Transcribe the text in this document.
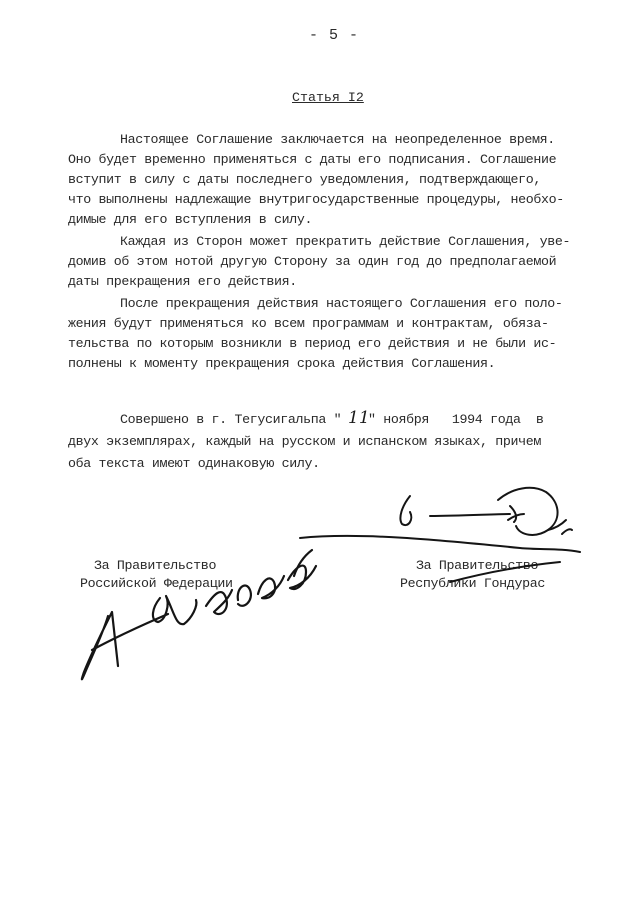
- 5 -
Статья I2
Настоящее Соглашение заключается на неопределенное время.
Оно будет временно применяться с даты его подписания. Соглашение
вступит в силу с даты последнего уведомления, подтверждающего,
что выполнены надлежащие внутригосударственные процедуры, необхо-
димые для его вступления в силу.
Каждая из Сторон может прекратить действие Соглашения, уве-
домив об этом нотой другую Сторону за один год до предполагаемой
даты прекращения его действия.
После прекращения действия настоящего Соглашения его поло-
жения будут применяться ко всем программам и контрактам, обяза-
тельства по которым возникли в период его действия и не были ис-
полнены к моменту прекращения срока действия Соглашения.
Совершено в г. Тегусигальпа " 11
" ноября   1994 года  в
двух экземплярах, каждый на русском и испанском языках, причем
оба текста имеют одинаковую силу.
За Правительство
Российской Федерации
За Правительство
Республики Гондурас
